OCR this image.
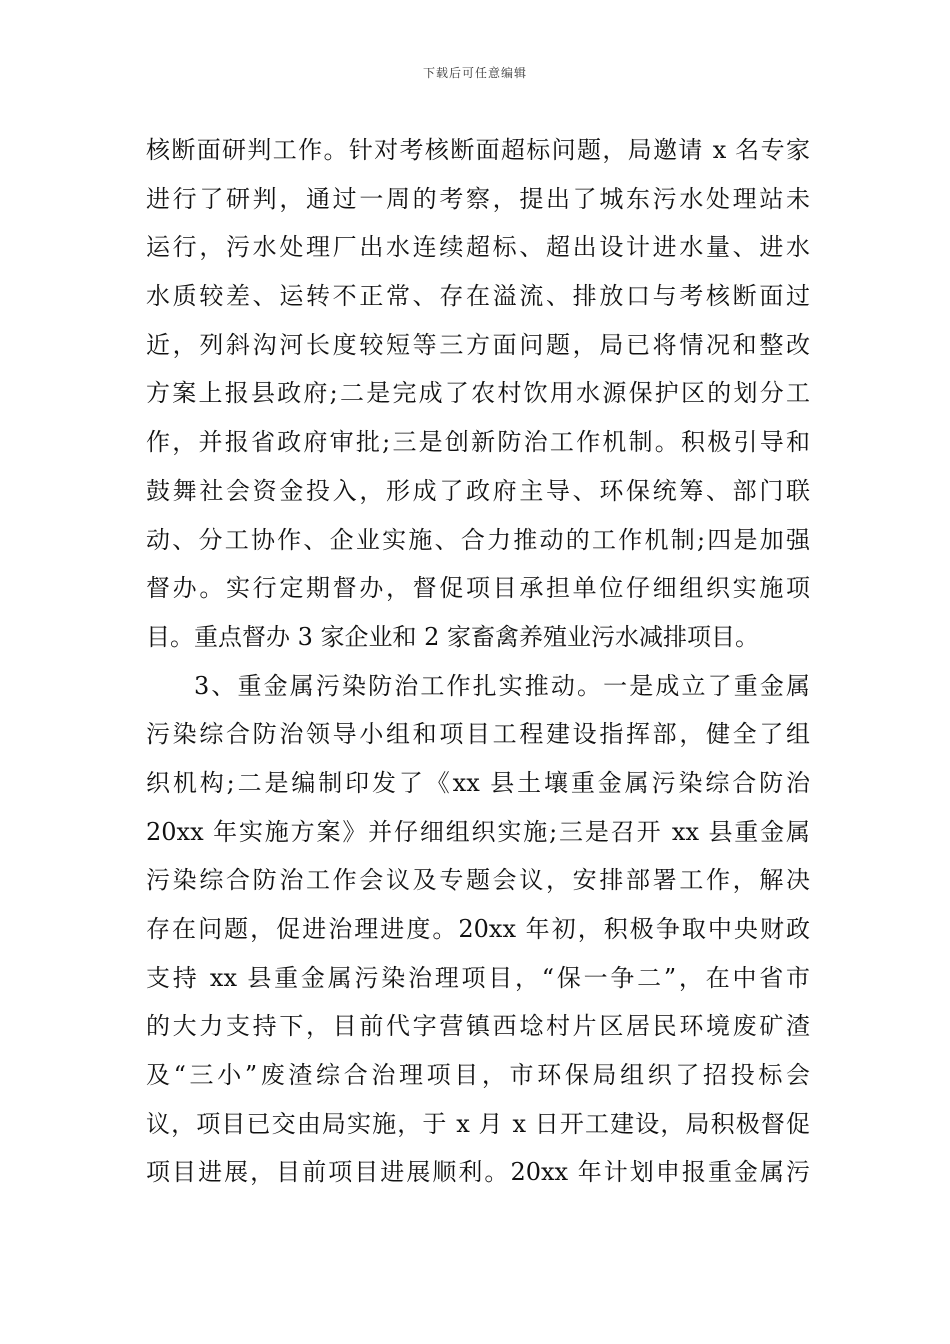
下载后可任意编辑
核断面研判工作。针对考核断面超标问题，局邀请 x 名专家
进行了研判，通过一周的考察，提出了城东污水处理站未
运行，污水处理厂出水连续超标、超出设计进水量、进水
水质较差、运转不正常、存在溢流、排放口与考核断面过
近，列斜沟河长度较短等三方面问题，局已将情况和整改
方案上报县政府;二是完成了农村饮用水源保护区的划分工
作，并报省政府审批;三是创新防治工作机制。积极引导和
鼓舞社会资金投入，形成了政府主导、环保统筹、部门联
动、分工协作、企业实施、合力推动的工作机制;四是加强
督办。实行定期督办，督促项目承担单位仔细组织实施项
目。重点督办 3 家企业和 2 家畜禽养殖业污水减排项目。
3、重金属污染防治工作扎实推动。一是成立了重金属
污染综合防治领导小组和项目工程建设指挥部，健全了组
织机构;二是编制印发了《xx 县土壤重金属污染综合防治
20xx 年实施方案》并仔细组织实施;三是召开 xx 县重金属
污染综合防治工作会议及专题会议，安排部署工作，解决
存在问题，促进治理进度。20xx 年初，积极争取中央财政
支持 xx 县重金属污染治理项目，“保一争二”，在中省市
的大力支持下，目前代字营镇西埝村片区居民环境废矿渣
及“三小”废渣综合治理项目，市环保局组织了招投标会
议，项目已交由局实施，于 x 月 x 日开工建设，局积极督促
项目进展，目前项目进展顺利。20xx 年计划申报重金属污
